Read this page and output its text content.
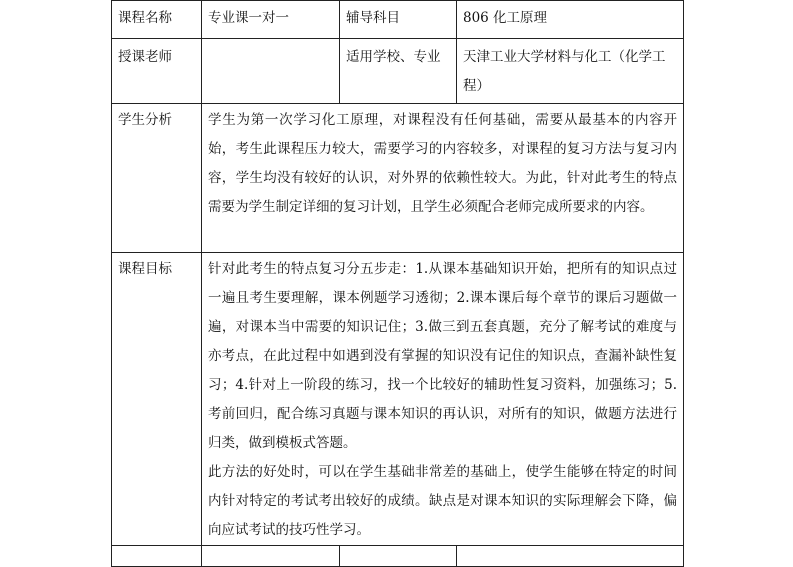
课程名称	专业课一对一	辅导科目	806 化工原理
授课老师		适用学校、专业	天津工业大学材料与化工（化学工程）
学生分析	学生为第一次学习化工原理，对课程没有任何基础，需要从最基本的内容开始，考生此课程压力较大，需要学习的内容较多，对课程的复习方法与复习内容，学生均没有较好的认识，对外界的依赖性较大。为此，针对此考生的特点需要为学生制定详细的复习计划，且学生必须配合老师完成所要求的内容。		

课程目标	针对此考生的特点复习分五步走：1.从课本基础知识开始，把所有的知识点过一遍且考生要理解，课本例题学习透彻；2.课本课后每个章节的课后习题做一遍，对课本当中需要的知识记住；3.做三到五套真题，充分了解考试的难度与亦考点，在此过程中如遇到没有掌握的知识没有记住的知识点，查漏补缺性复习；4.针对上一阶段的练习，找一个比较好的辅助性复习资料，加强练习；5.考前回归，配合练习真题与课本知识的再认识，对所有的知识，做题方法进行归类，做到模板式答题。

此方法的好处时，可以在学生基础非常差的基础上，使学生能够在特定的时间内针对特定的考试考出较好的成绩。缺点是对课本知识的实际理解会下降，偏向应试考试的技巧性学习。		
